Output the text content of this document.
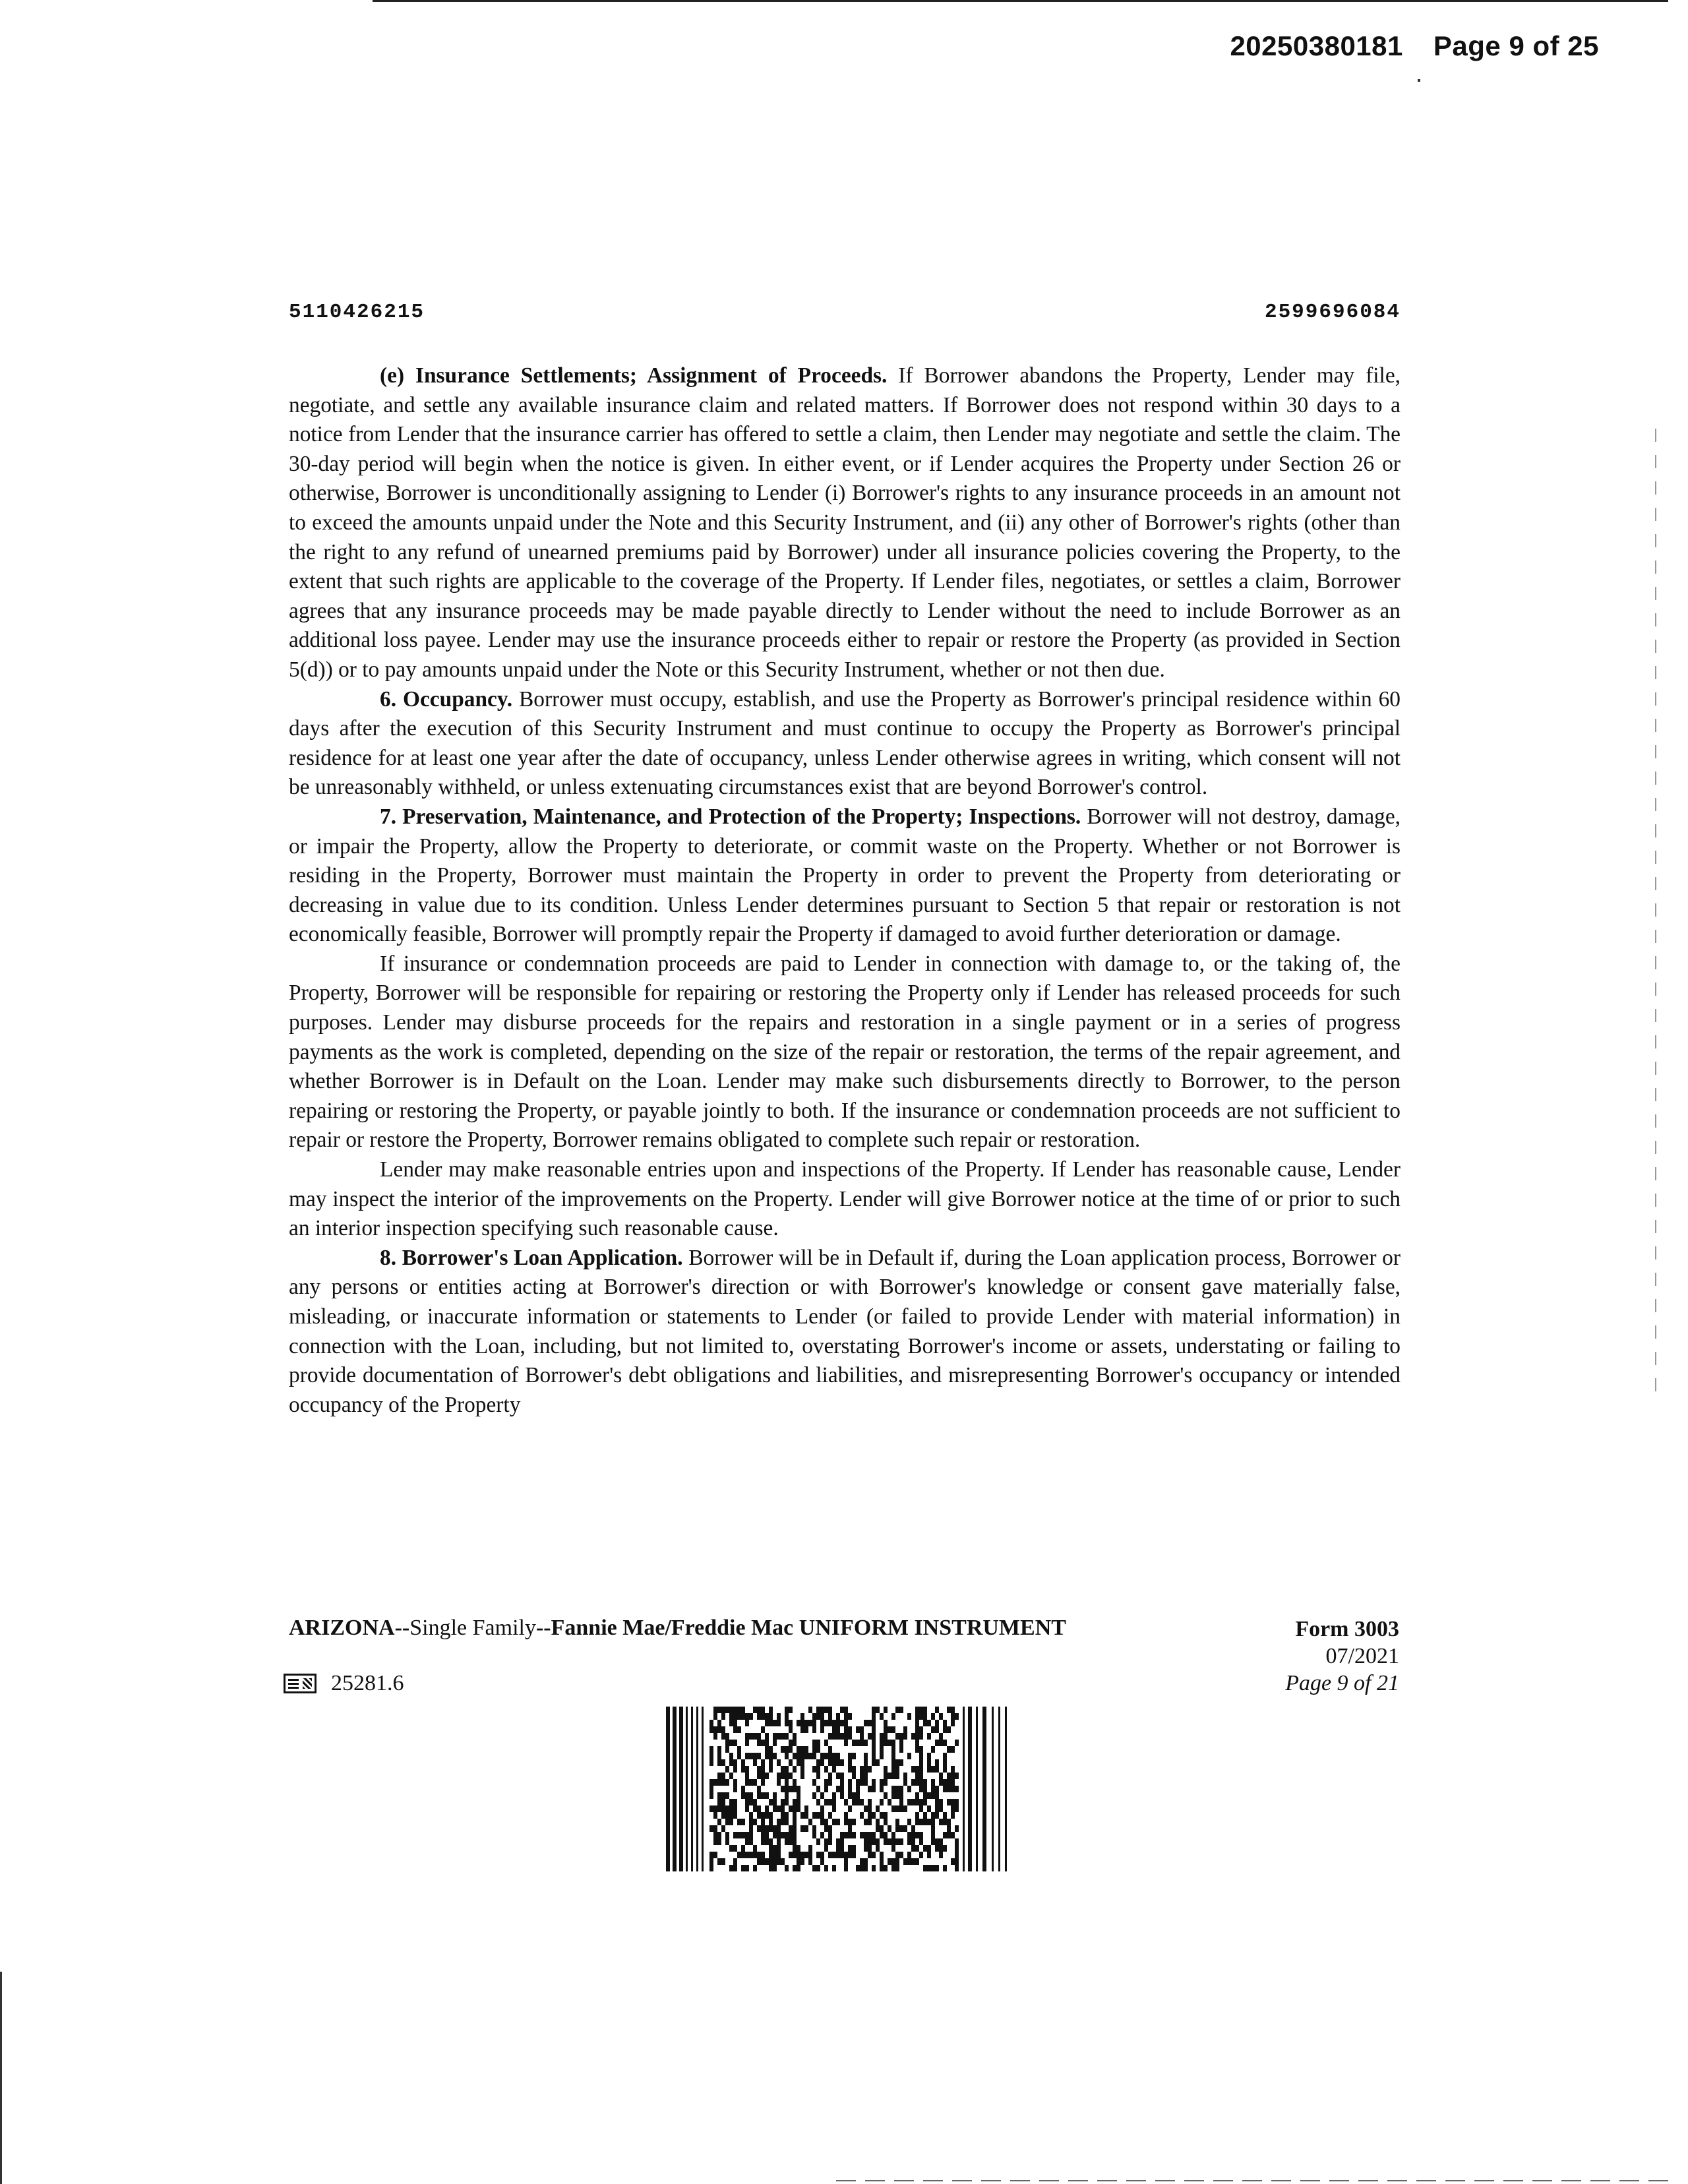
20250380181 Page 9 of 25
5110426215	2599696084

(e) Insurance Settlements; Assignment of Proceeds. If Borrower abandons the Property, Lender may file, negotiate, and settle any available insurance claim and related matters. If Borrower does not respond within 30 days to a notice from Lender that the insurance carrier has offered to settle a claim, then Lender may negotiate and settle the claim. The 30-day period will begin when the notice is given. In either event, or if Lender acquires the Property under Section 26 or otherwise, Borrower is unconditionally assigning to Lender (i) Borrower's rights to any insurance proceeds in an amount not to exceed the amounts unpaid under the Note and this Security Instrument, and (ii) any other of Borrower's rights (other than the right to any refund of unearned premiums paid by Borrower) under all insurance policies covering the Property, to the extent that such rights are applicable to the coverage of the Property. If Lender files, negotiates, or settles a claim, Borrower agrees that any insurance proceeds may be made payable directly to Lender without the need to include Borrower as an additional loss payee. Lender may use the insurance proceeds either to repair or restore the Property (as provided in Section 5(d)) or to pay amounts unpaid under the Note or this Security Instrument, whether or not then due.

6. Occupancy. Borrower must occupy, establish, and use the Property as Borrower's principal residence within 60 days after the execution of this Security Instrument and must continue to occupy the Property as Borrower's principal residence for at least one year after the date of occupancy, unless Lender otherwise agrees in writing, which consent will not be unreasonably withheld, or unless extenuating circumstances exist that are beyond Borrower's control.

7. Preservation, Maintenance, and Protection of the Property; Inspections. Borrower will not destroy, damage, or impair the Property, allow the Property to deteriorate, or commit waste on the Property. Whether or not Borrower is residing in the Property, Borrower must maintain the Property in order to prevent the Property from deteriorating or decreasing in value due to its condition. Unless Lender determines pursuant to Section 5 that repair or restoration is not economically feasible, Borrower will promptly repair the Property if damaged to avoid further deterioration or damage.

If insurance or condemnation proceeds are paid to Lender in connection with damage to, or the taking of, the Property, Borrower will be responsible for repairing or restoring the Property only if Lender has released proceeds for such purposes. Lender may disburse proceeds for the repairs and restoration in a single payment or in a series of progress payments as the work is completed, depending on the size of the repair or restoration, the terms of the repair agreement, and whether Borrower is in Default on the Loan. Lender may make such disbursements directly to Borrower, to the person repairing or restoring the Property, or payable jointly to both. If the insurance or condemnation proceeds are not sufficient to repair or restore the Property, Borrower remains obligated to complete such repair or restoration.

Lender may make reasonable entries upon and inspections of the Property. If Lender has reasonable cause, Lender may inspect the interior of the improvements on the Property. Lender will give Borrower notice at the time of or prior to such an interior inspection specifying such reasonable cause.

8. Borrower's Loan Application. Borrower will be in Default if, during the Loan application process, Borrower or any persons or entities acting at Borrower's direction or with Borrower's knowledge or consent gave materially false, misleading, or inaccurate information or statements to Lender (or failed to provide Lender with material information) in connection with the Loan, including, but not limited to, overstating Borrower's income or assets, understating or failing to provide documentation of Borrower's debt obligations and liabilities, and misrepresenting Borrower's occupancy or intended occupancy of the Property

ARIZONA--Single Family--Fannie Mae/Freddie Mac UNIFORM INSTRUMENT	Form 3003
07/2021
Page 9 of 21
25281.6
